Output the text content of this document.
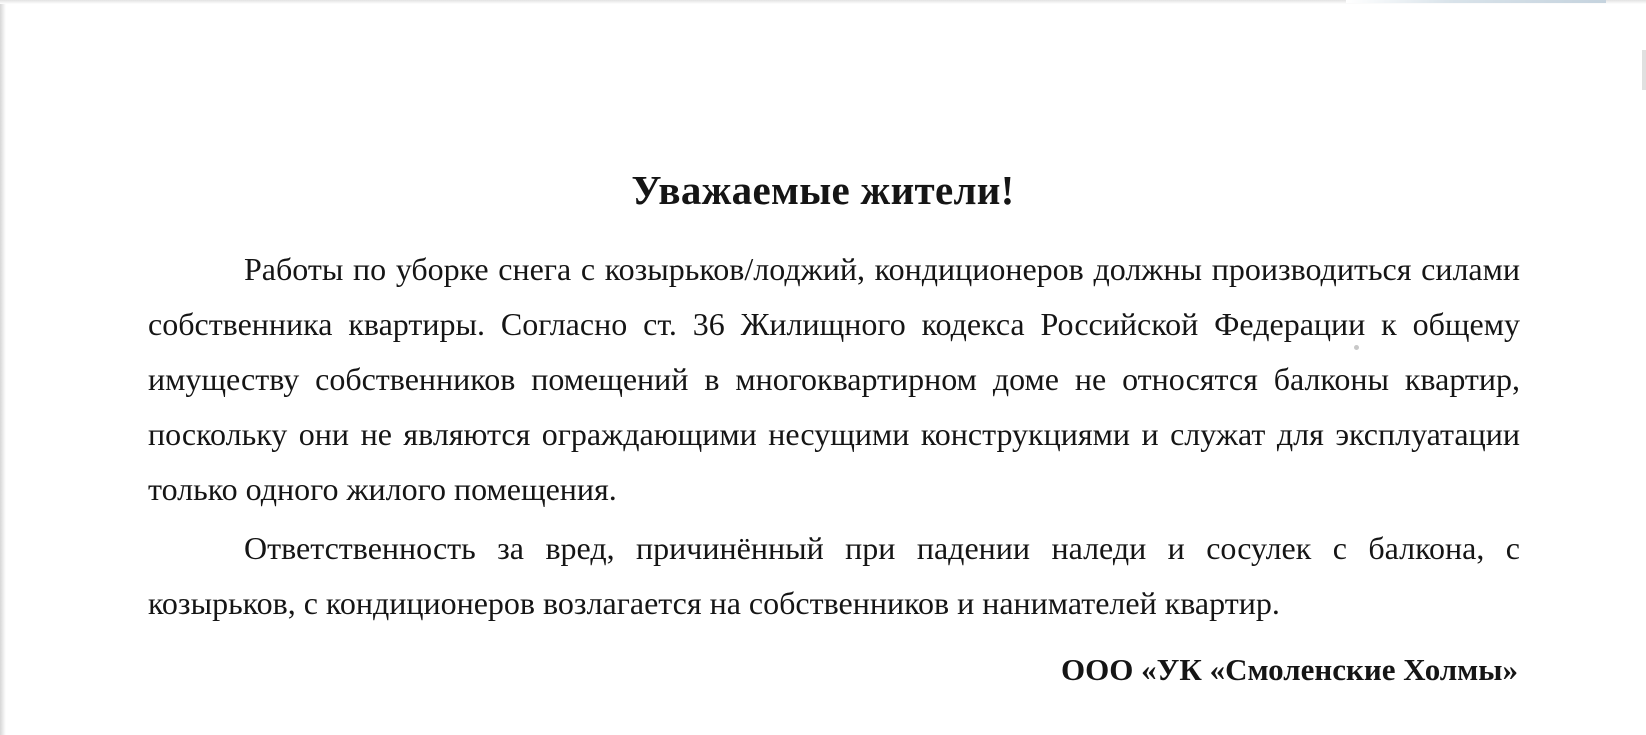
Уважаемые жители!

Работы по уборке снега с козырьков/лоджий, кондиционеров должны производиться силами собственника квартиры. Согласно ст. 36 Жилищного кодекса Российской Федерации к общему имуществу собственников помещений в многоквартирном доме не относятся балконы квартир, поскольку они не являются ограждающими несущими конструкциями и служат для эксплуатации только одного жилого помещения.

Ответственность за вред, причинённый при падении наледи и сосулек с балкона, с козырьков, с кондиционеров возлагается на собственников и нанимателей квартир.

ООО «УК «Смоленские Холмы»
